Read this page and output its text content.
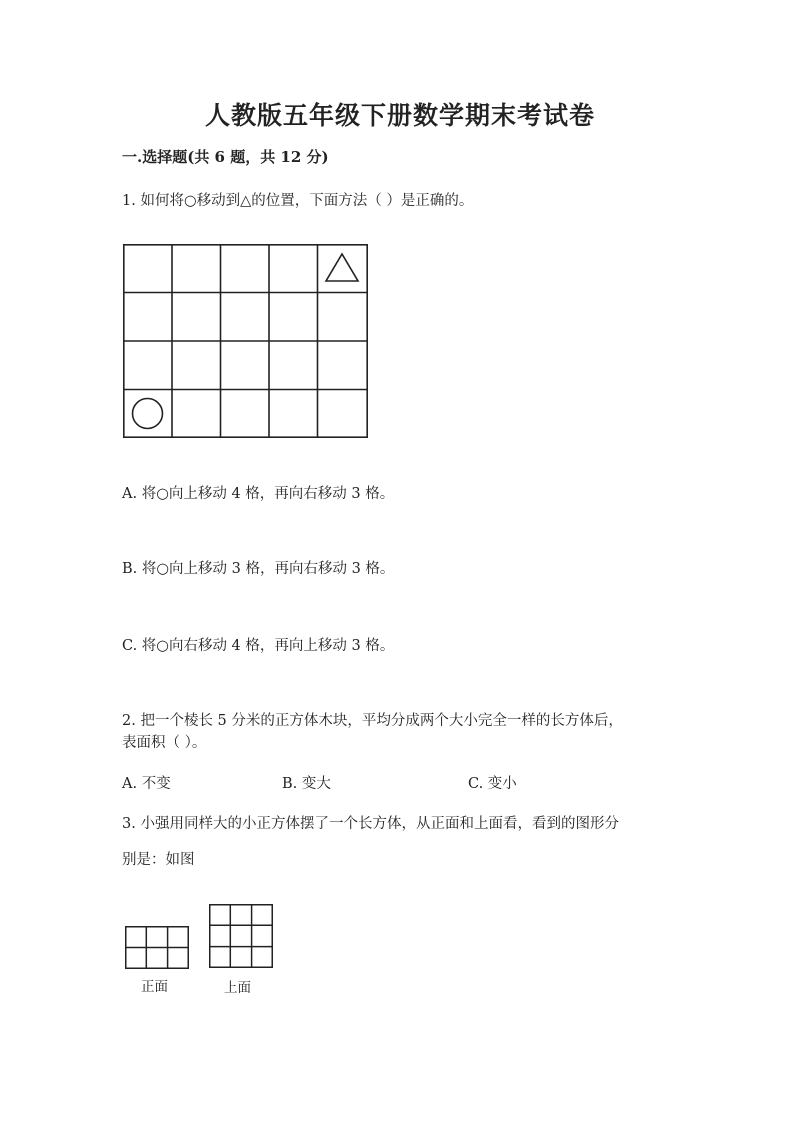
人教版五年级下册数学期末考试卷
一.选择题(共 6 题，共 12 分)
1. 如何将○移动到△的位置，下面方法（ ）是正确的。
A. 将○向上移动 4 格，再向右移动 3 格。
B. 将○向上移动 3 格，再向右移动 3 格。
C. 将○向右移动 4 格，再向上移动 3 格。
2. 把一个棱长 5 分米的正方体木块，平均分成两个大小完全一样的长方体后，
表面积（ ）。
A. 不变	B. 变大	C. 变小
3. 小强用同样大的小正方体摆了一个长方体，从正面和上面看，看到的图形分
别是：如图
正面	上面
